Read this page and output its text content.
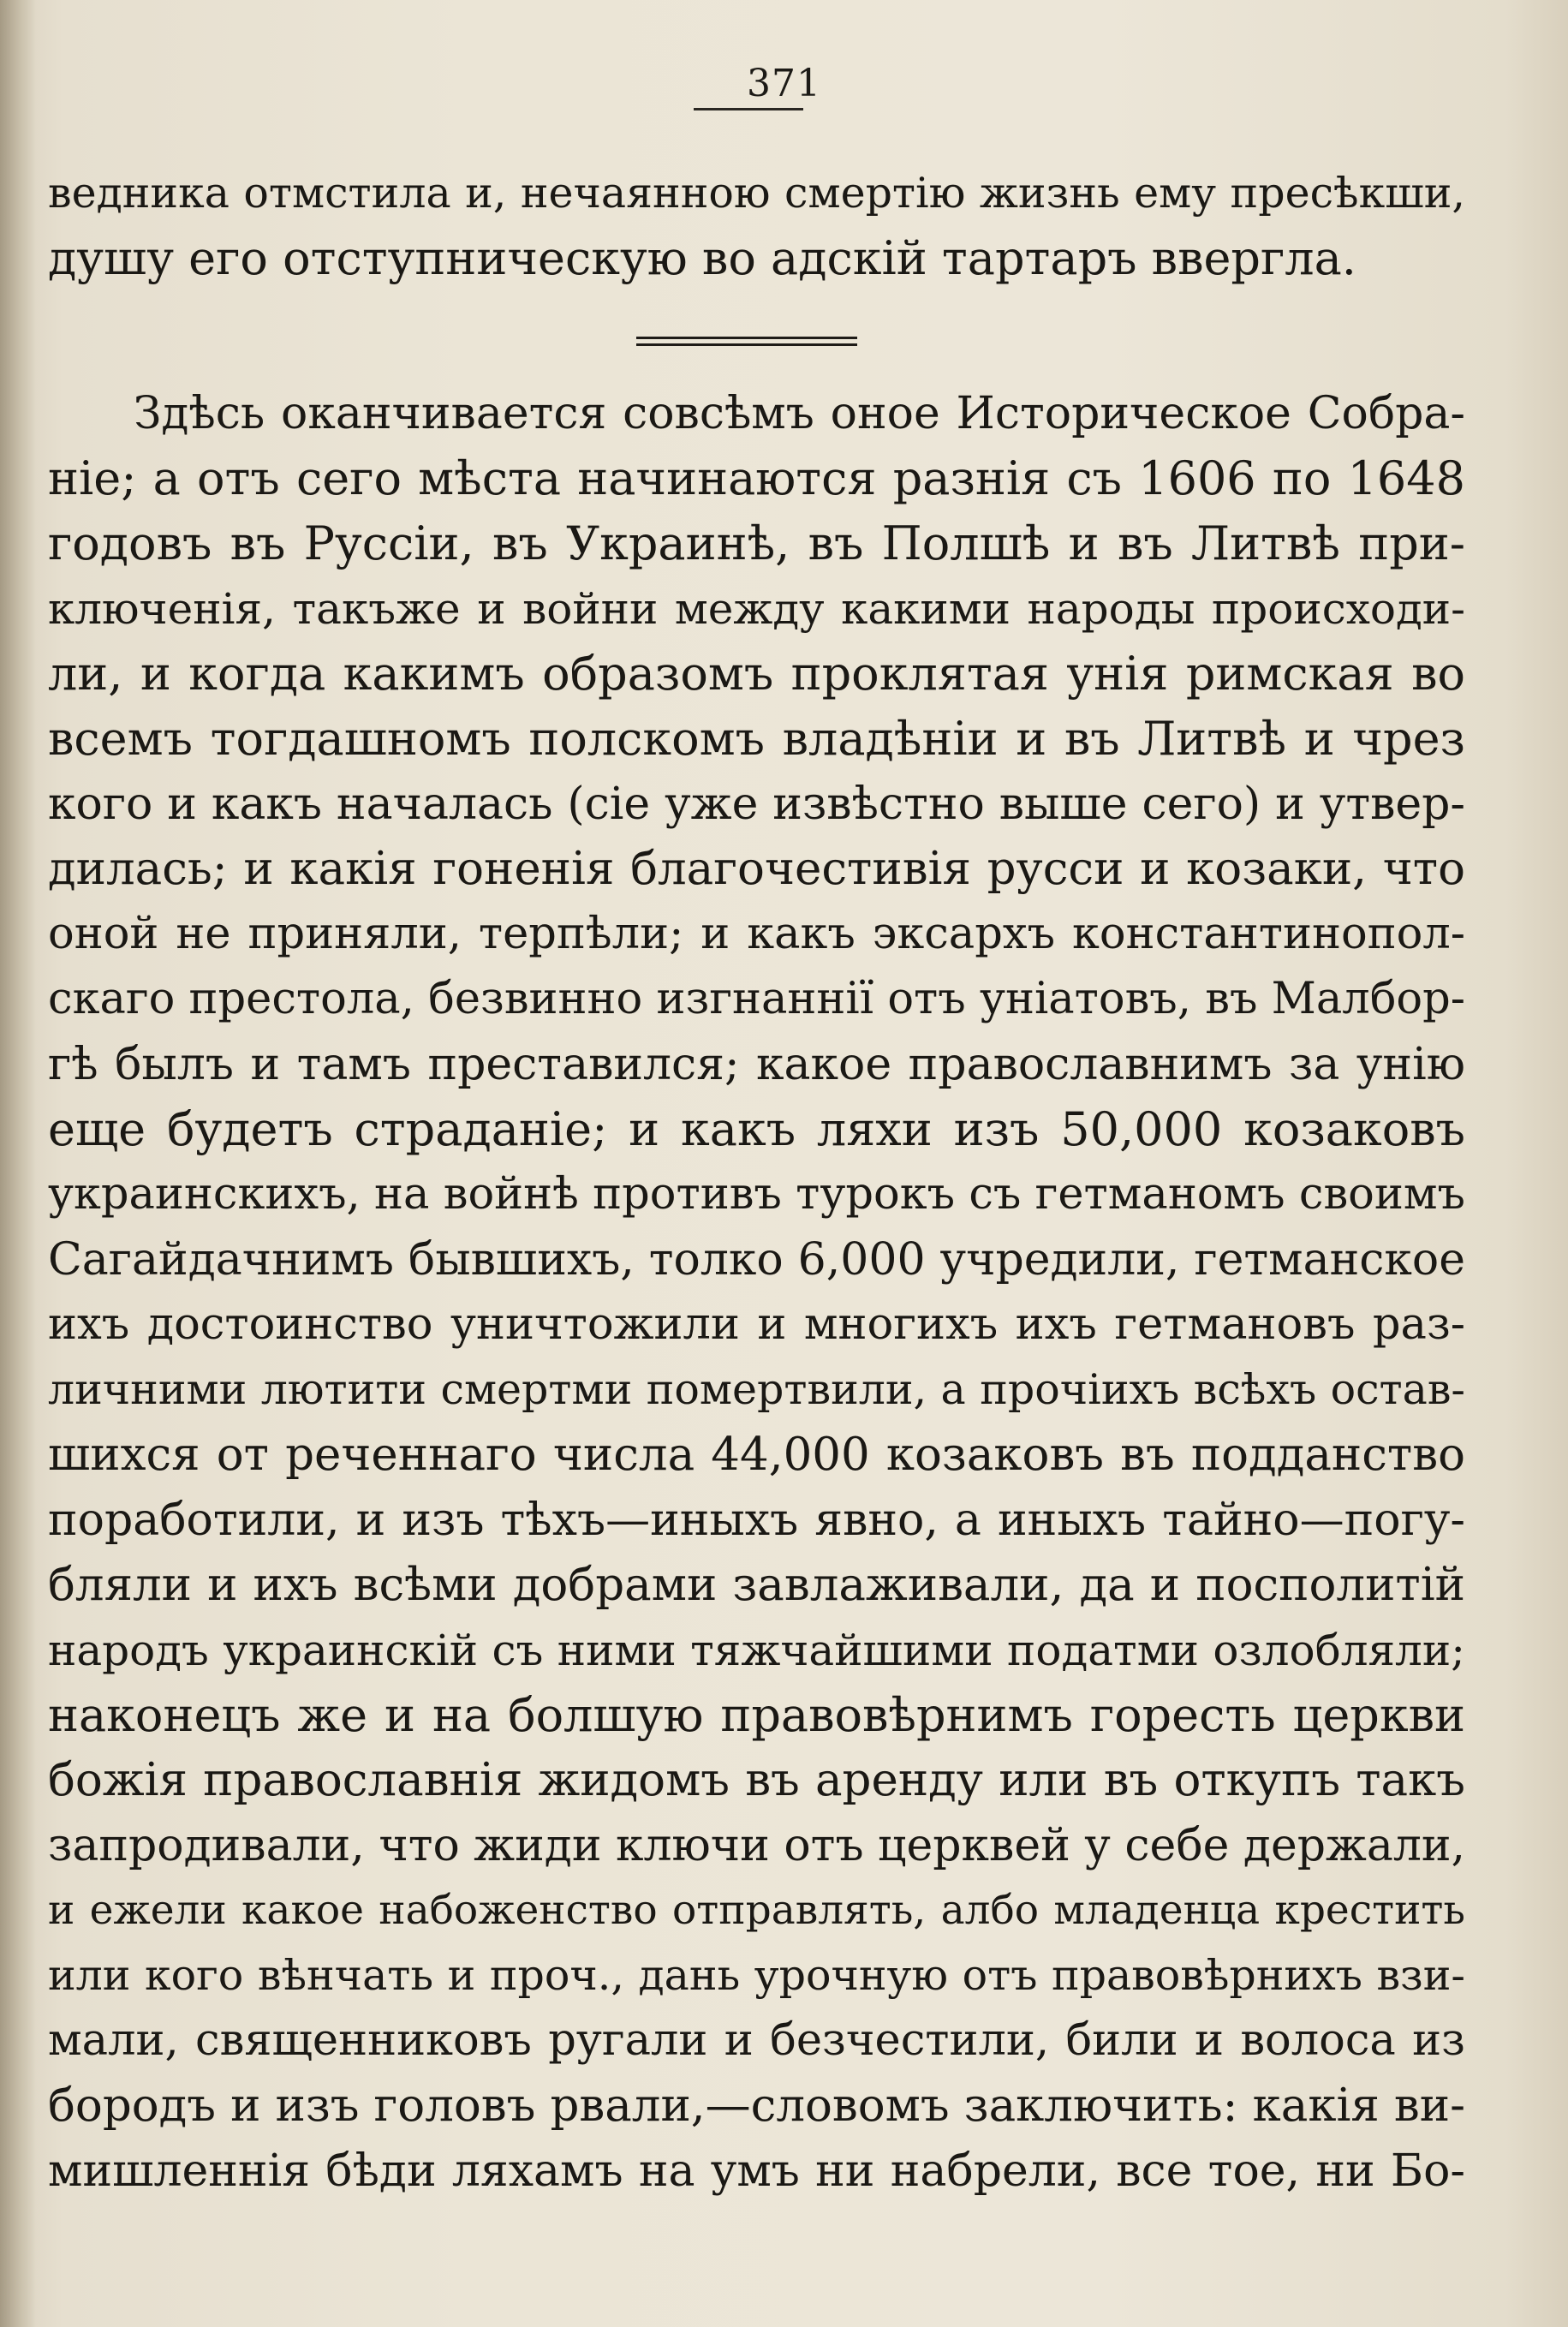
371
ведника отмстила и, нечаянною смертію жизнь ему пресѣкши,
душу его отступническую во адскій тартаръ ввергла.
Здѣсь оканчивается совсѣмъ оное Историческое Собра-
ніе; а отъ сего мѣста начинаются разнія съ 1606 по 1648
годовъ въ Руссіи, въ Украинѣ, въ Полшѣ и въ Литвѣ при-
ключенія, такъже и войни между какими народы происходи-
ли, и когда какимъ образомъ проклятая унія римская во
всемъ тогдашномъ полскомъ владѣніи и въ Литвѣ и чрез
кого и какъ началась (сіе уже извѣстно выше сего) и утвер-
дилась; и какія гоненія благочестивія русси и козаки, что
оной не приняли, терпѣли; и какъ эксархъ константинопол-
скаго престола, безвинно изгнаннії отъ уніатовъ, въ Малбор-
гѣ былъ и тамъ преставился; какое православнимъ за унію
еще будетъ страданіе; и какъ ляхи изъ 50,000 козаковъ
украинскихъ, на войнѣ противъ турокъ съ гетманомъ своимъ
Сагайдачнимъ бывшихъ, толко 6,000 учредили, гетманское
ихъ достоинство уничтожили и многихъ ихъ гетмановъ раз-
личними лютити смертми помертвили, а прочіихъ всѣхъ остав-
шихся от реченнаго числа 44,000 козаковъ въ подданство
поработили, и изъ тѣхъ—иныхъ явно, а иныхъ тайно—погу-
бляли и ихъ всѣми добрами завлаживали, да и посполитій
народъ украинскій съ ними тяжчайшими податми озлобляли;
наконецъ же и на болшую правовѣрнимъ горесть церкви
божія православнія жидомъ въ аренду или въ откупъ такъ
запродивали, что жиди ключи отъ церквей у себе держали,
и ежели какое набоженство отправлять, албо младенца крестить
или кого вѣнчать и проч., дань урочную отъ правовѣрнихъ взи-
мали, священниковъ ругали и безчестили, били и волоса из
бородъ и изъ головъ рвали,—словомъ заключить: какія ви-
мишленнія бѣди ляхамъ на умъ ни набрели, все тое, ни Бо-
